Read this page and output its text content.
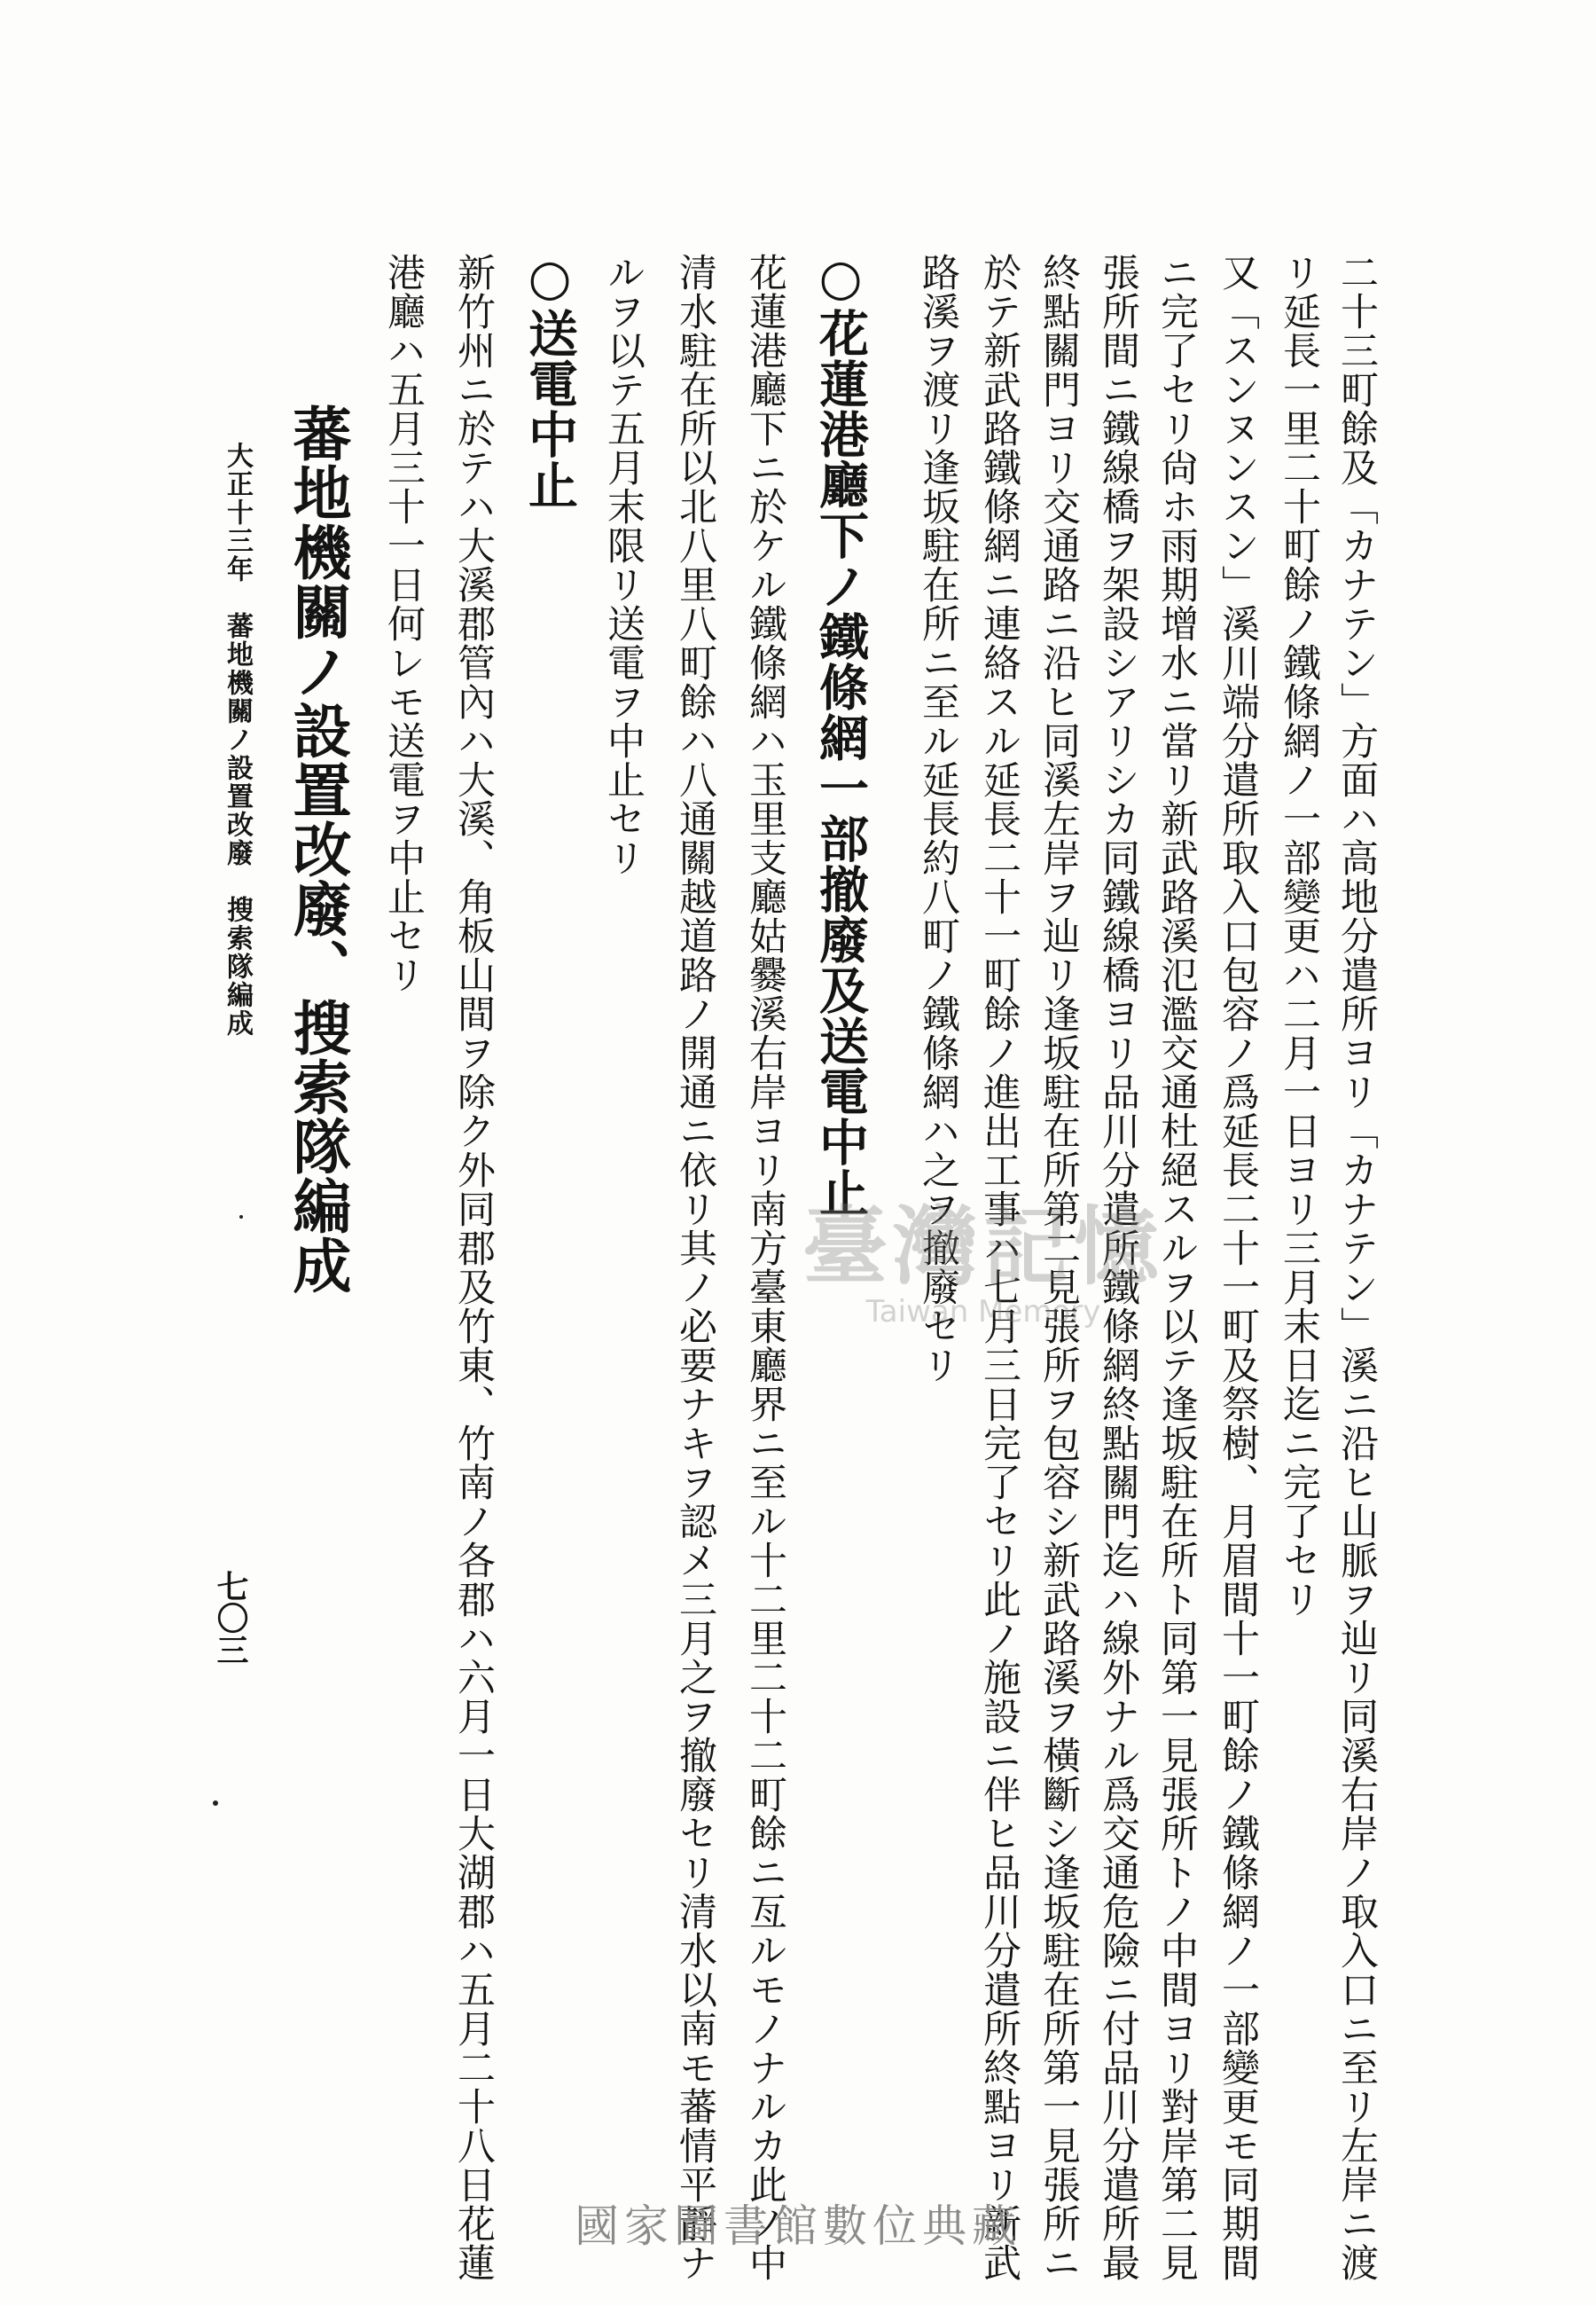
二十三町餘及「カナテン」方面ハ高地分遣所ヨリ「カナテン」溪ニ沿ヒ山脈ヲ辿リ同溪右岸ノ取入口ニ至リ左岸ニ渡
リ延長一里二十町餘ノ鐵條網ノ一部變更ハ二月一日ヨリ三月末日迄ニ完了セリ
又「スンヌンスン」溪川端分遣所取入口包容ノ爲延長二十一町及祭樹、月眉間十一町餘ノ鐵條網ノ一部變更モ同期間
ニ完了セリ尙ホ雨期增水ニ當リ新武路溪氾濫交通杜絕スルヲ以テ逢坂駐在所ト同第一見張所トノ中間ヨリ對岸第二見
張所間ニ鐵線橋ヲ架設シアリシカ同鐵線橋ヨリ品川分遣所鐵條網終點關門迄ハ線外ナル爲交通危險ニ付品川分遣所最
終點關門ヨリ交通路ニ沿ヒ同溪左岸ヲ辿リ逢坂駐在所第二見張所ヲ包容シ新武路溪ヲ橫斷シ逢坂駐在所第一見張所ニ
於テ新武路鐵條網ニ連絡スル延長二十一町餘ノ進出工事ハ七月三日完了セリ此ノ施設ニ伴ヒ品川分遣所終點ヨリ新武
路溪ヲ渡リ逢坂駐在所ニ至ル延長約八町ノ鐵條網ハ之ヲ撤廢セリ
○花蓮港廳下ノ鐵條網一部撤廢及送電中止
花蓮港廳下ニ於ケル鐵條網ハ玉里支廳姑爨溪右岸ヨリ南方臺東廳界ニ至ル十二里二十二町餘ニ亙ルモノナルカ此ノ中
清水駐在所以北八里八町餘ハ八通關越道路ノ開通ニ依リ其ノ必要ナキヲ認メ三月之ヲ撤廢セリ清水以南モ蕃情平靜ナ
ルヲ以テ五月末限リ送電ヲ中止セリ
○送電中止
新竹州ニ於テハ大溪郡管內ハ大溪、角板山間ヲ除ク外同郡及竹東、竹南ノ各郡ハ六月一日大湖郡ハ五月二十八日花蓮
港廳ハ五月三十一日何レモ送電ヲ中止セリ
蕃地機關ノ設置改廢、搜索隊編成
大正十三年　蕃地機關ノ設置改廢　搜索隊編成
七〇三
臺灣記憶
Taiwan Memory
國家圖書館數位典藏
